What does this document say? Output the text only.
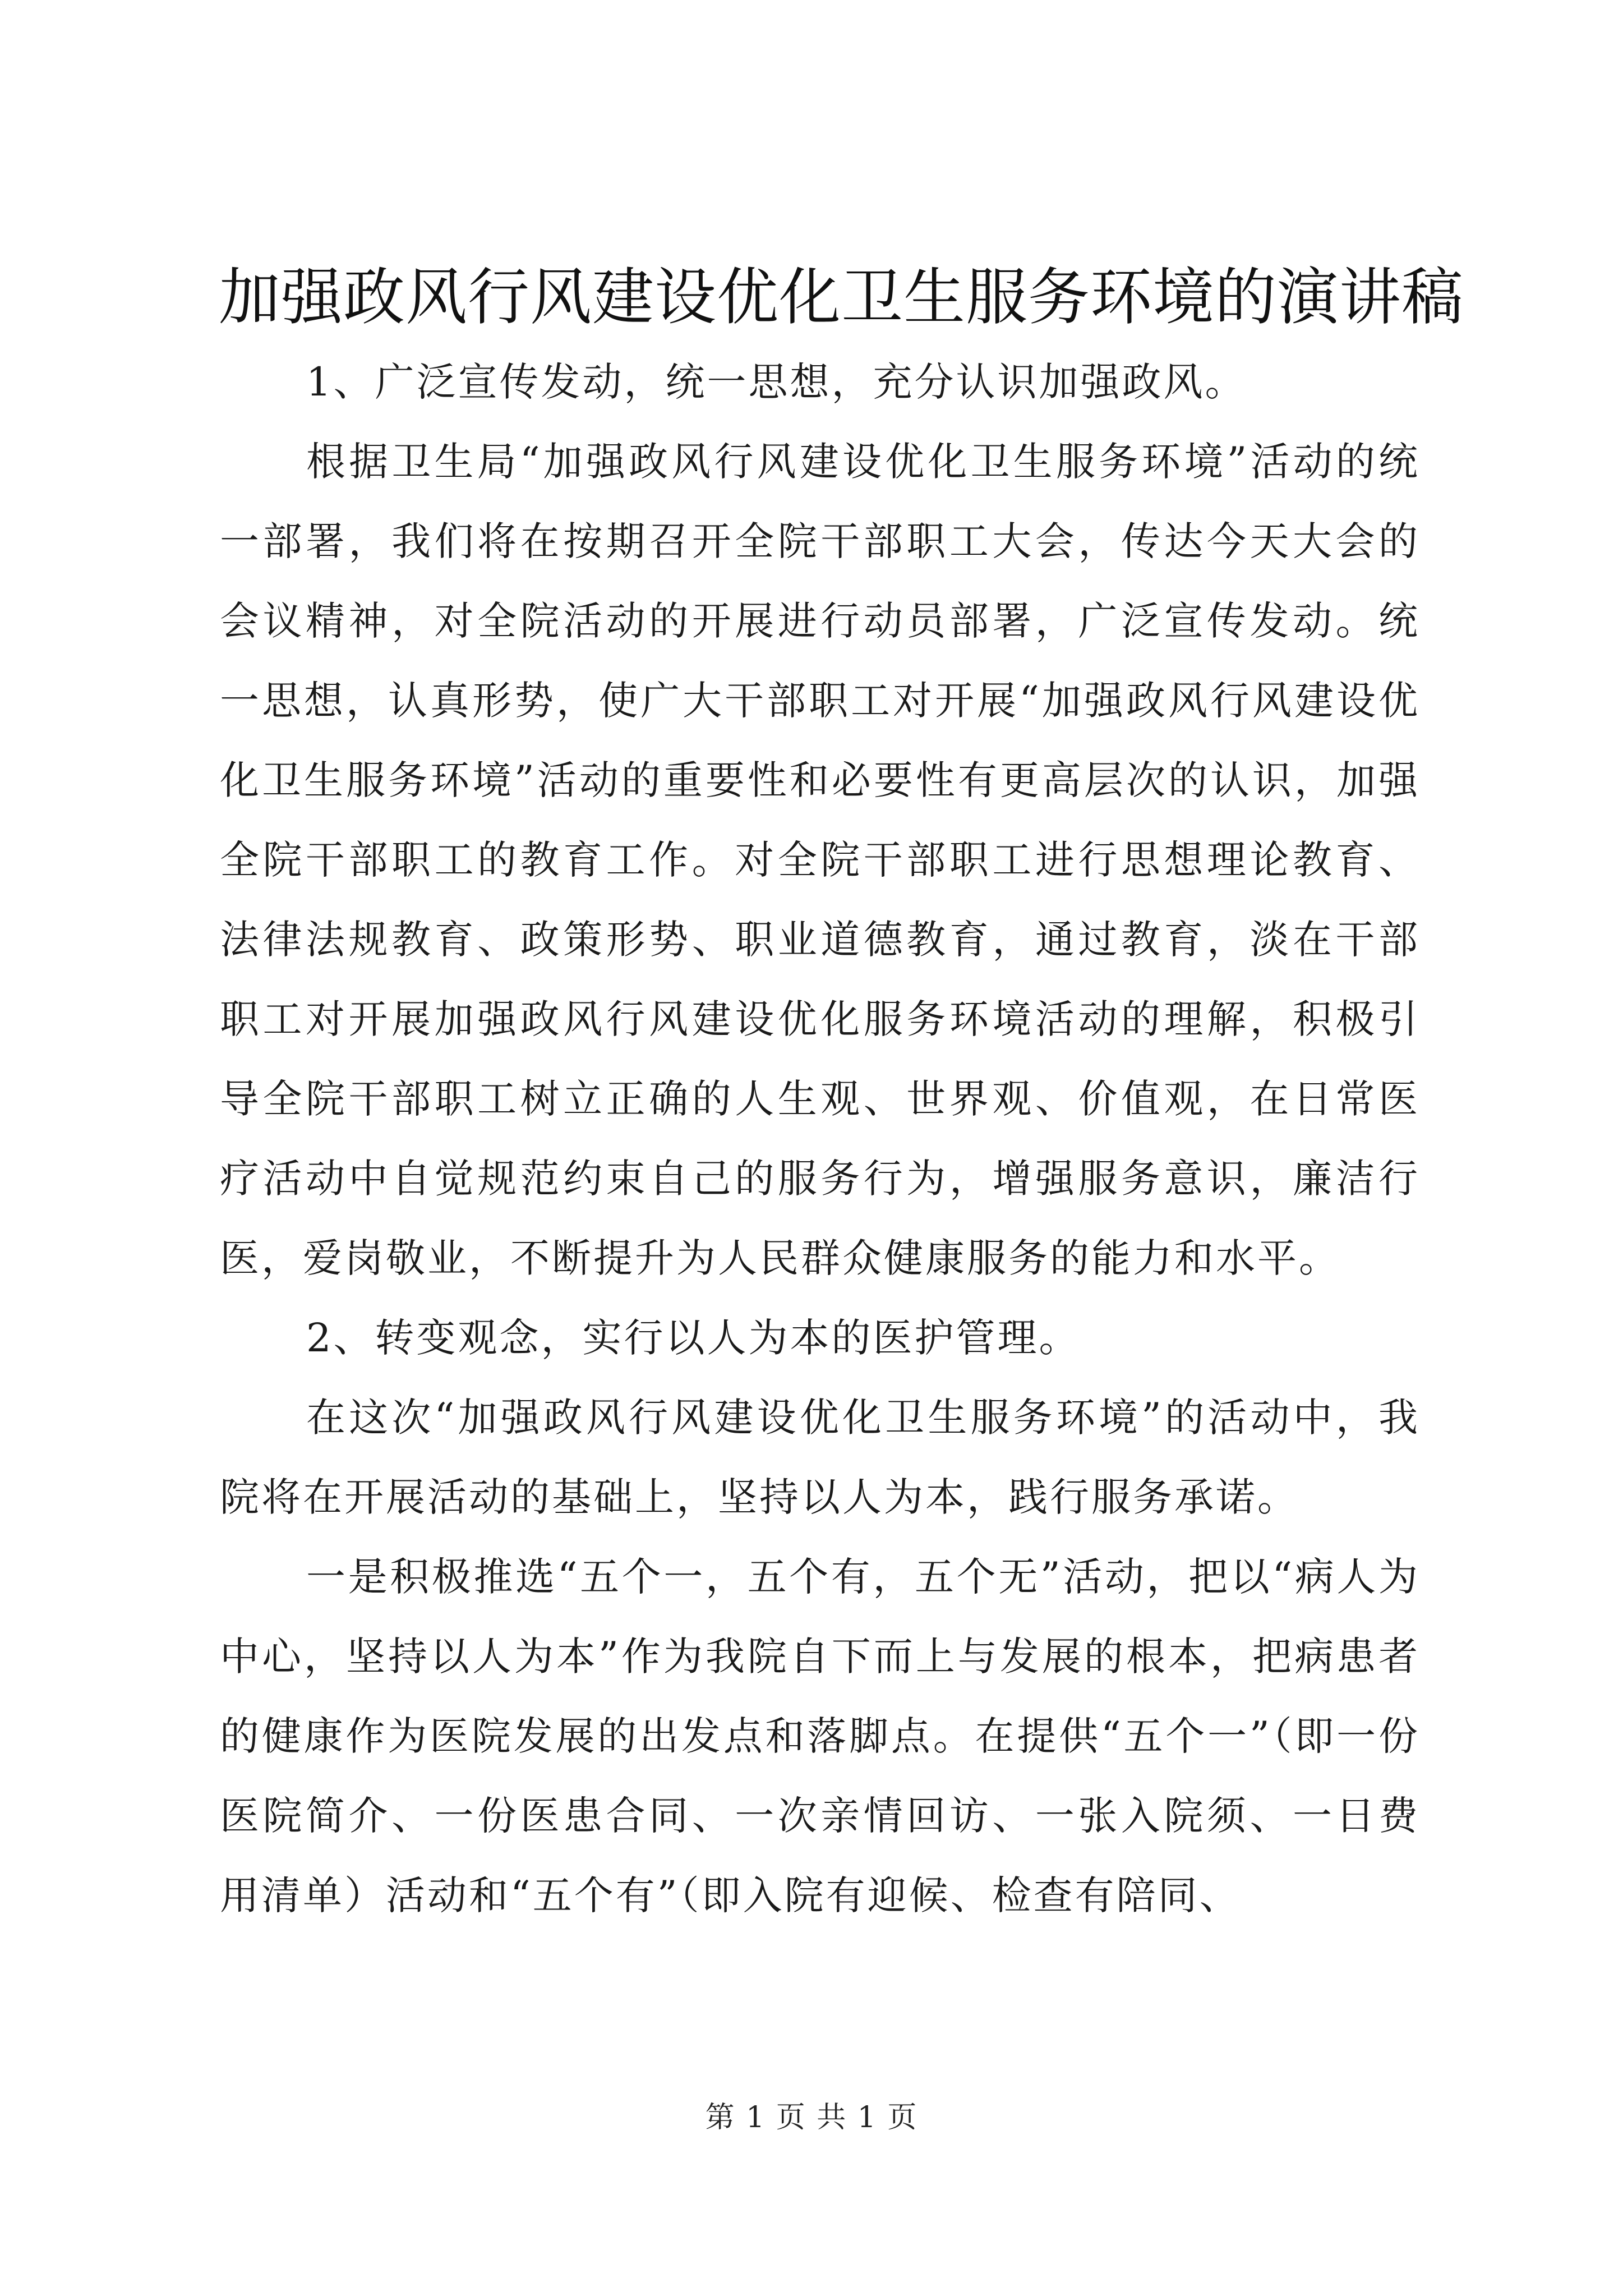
加强政风行风建设优化卫生服务环境的演讲稿

1、广泛宣传发动，统一思想，充分认识加强政风。

根据卫生局“加强政风行风建设优化卫生服务环境”活动的统一部署，我们将在按期召开全院干部职工大会，传达今天大会的会议精神，对全院活动的开展进行动员部署，广泛宣传发动。统一思想，认真形势，使广大干部职工对开展“加强政风行风建设优化卫生服务环境”活动的重要性和必要性有更高层次的认识，加强全院干部职工的教育工作。对全院干部职工进行思想理论教育、法律法规教育、政策形势、职业道德教育，通过教育，淡在干部职工对开展加强政风行风建设优化服务环境活动的理解，积极引导全院干部职工树立正确的人生观、世界观、价值观，在日常医疗活动中自觉规范约束自己的服务行为，增强服务意识，廉洁行医，爱岗敬业，不断提升为人民群众健康服务的能力和水平。

2、转变观念，实行以人为本的医护管理。

在这次“加强政风行风建设优化卫生服务环境”的活动中，我院将在开展活动的基础上，坚持以人为本，践行服务承诺。

一是积极推选“五个一，五个有，五个无”活动，把以“病人为中心，坚持以人为本”作为我院自下而上与发展的根本，把病患者的健康作为医院发展的出发点和落脚点。在提供“五个一”（即一份医院简介、一份医患合同、一次亲情回访、一张入院须、一日费用清单）活动和“五个有”（即入院有迎候、检查有陪同、

第 1 页 共 1 页
